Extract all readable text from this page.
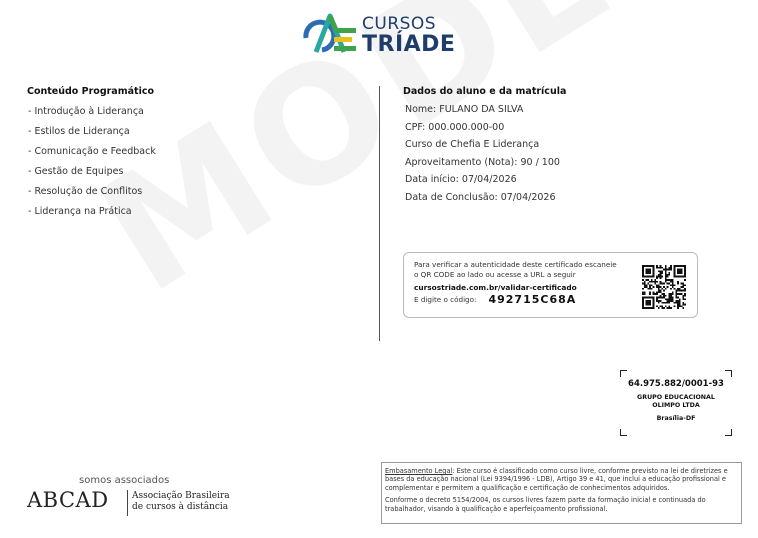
CURSOS
TRÍADE
Conteúdo Programático
- Introdução à Liderança
- Estilos de Liderança
- Comunicação e Feedback
- Gestão de Equipes
- Resolução de Conflitos
- Liderança na Prática
Dados do aluno e da matrícula
Nome: FULANO DA SILVA
CPF: 000.000.000-00
Curso de Chefia E Liderança
Aproveitamento (Nota): 90 / 100
Data início: 07/04/2026
Data de Conclusão: 07/04/2026
Para verificar a autenticidade deste certificado escaneie
o QR CODE ao lado ou acesse a URL a seguir
cursostriade.com.br/validar-certificado
E digite o código: 492715C68A
64.975.882/0001-93
GRUPO EDUCACIONAL
OLIMPO LTDA
Brasília-DF
somos associados
ABCAD	Associação Brasileira
de cursos à distância
Embasamento Legal: Este curso é classificado como curso livre, conforme previsto na lei de diretrizes e bases da educação nacional (Lei 9394/1996 - LDB), Artigo 39 e 41, que inclui a educação profissional e complementar e permitem a qualificação e certificação de conhecimentos adquiridos.
Conforme o decreto 5154/2004, os cursos livres fazem parte da formação inicial e continuada do trabalhador, visando à qualificação e aperfeiçoamento profissional.
